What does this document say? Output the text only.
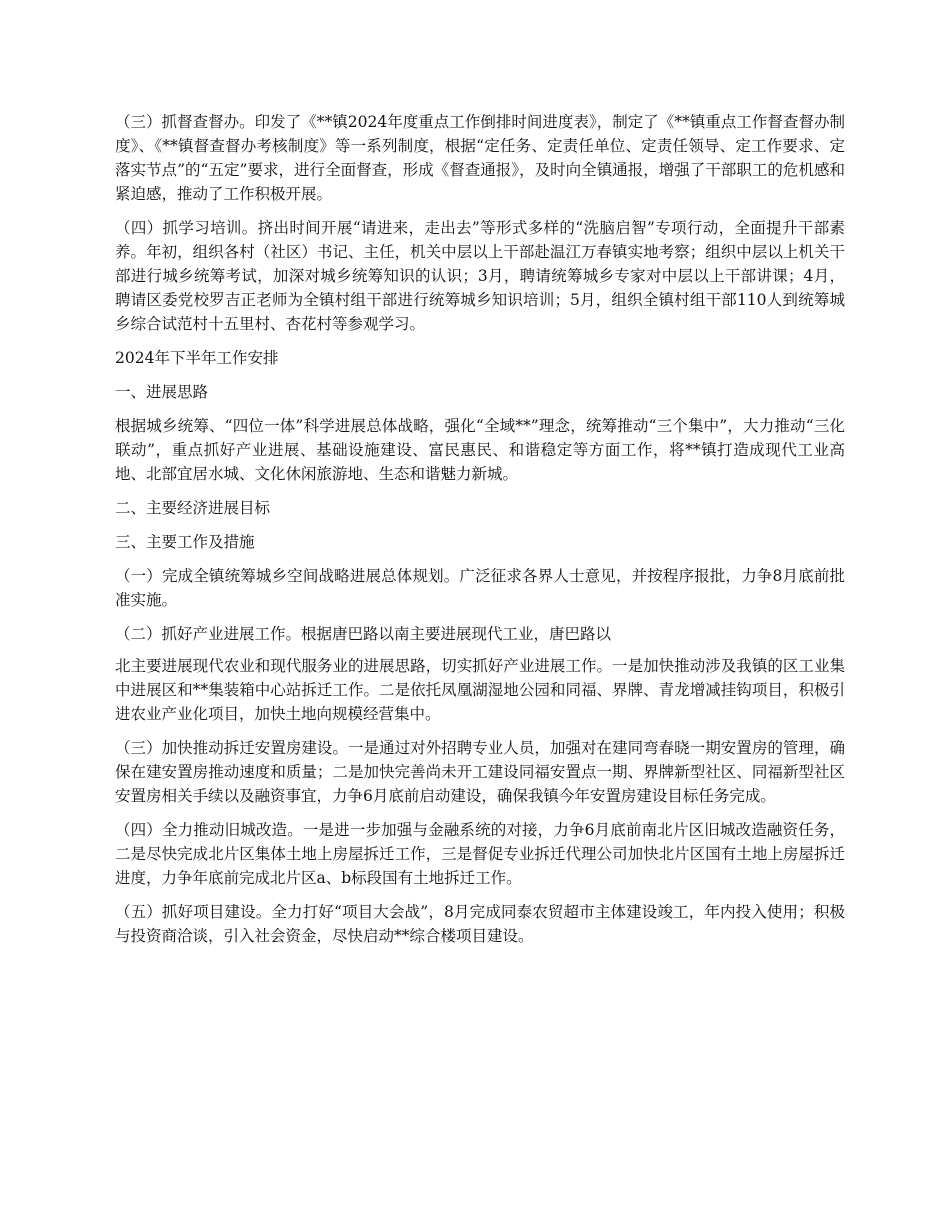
（三）抓督查督办。印发了《**镇2024年度重点工作倒排时间进度表》，制定了《**镇重点工作督查督办制度》、《**镇督查督办考核制度》等一系列制度，根据“定任务、定责任单位、定责任领导、定工作要求、定落实节点”的“五定”要求，进行全面督查，形成《督查通报》，及时向全镇通报，增强了干部职工的危机感和紧迫感，推动了工作积极开展。

（四）抓学习培训。挤出时间开展“请进来，走出去”等形式多样的“洗脑启智”专项行动，全面提升干部素养。年初，组织各村（社区）书记、主任，机关中层以上干部赴温江万春镇实地考察；组织中层以上机关干部进行城乡统筹考试，加深对城乡统筹知识的认识；3月，聘请统筹城乡专家对中层以上干部讲课；4月，聘请区委党校罗吉正老师为全镇村组干部进行统筹城乡知识培训；5月，组织全镇村组干部110人到统筹城乡综合试范村十五里村、杏花村等参观学习。

2024年下半年工作安排

一、进展思路

根据城乡统筹、“四位一体”科学进展总体战略，强化“全域**”理念，统筹推动“三个集中”，大力推动“三化联动”，重点抓好产业进展、基础设施建设、富民惠民、和谐稳定等方面工作，将**镇打造成现代工业高地、北部宜居水城、文化休闲旅游地、生态和谐魅力新城。

二、主要经济进展目标

三、主要工作及措施

（一）完成全镇统筹城乡空间战略进展总体规划。广泛征求各界人士意见，并按程序报批，力争8月底前批准实施。

（二）抓好产业进展工作。根据唐巴路以南主要进展现代工业，唐巴路以

北主要进展现代农业和现代服务业的进展思路，切实抓好产业进展工作。一是加快推动涉及我镇的区工业集中进展区和**集装箱中心站拆迁工作。二是依托凤凰湖湿地公园和同福、界牌、青龙增减挂钩项目，积极引进农业产业化项目，加快土地向规模经营集中。

（三）加快推动拆迁安置房建设。一是通过对外招聘专业人员，加强对在建同弯春晓一期安置房的管理，确保在建安置房推动速度和质量；二是加快完善尚未开工建设同福安置点一期、界牌新型社区、同福新型社区安置房相关手续以及融资事宜，力争6月底前启动建设，确保我镇今年安置房建设目标任务完成。

（四）全力推动旧城改造。一是进一步加强与金融系统的对接，力争6月底前南北片区旧城改造融资任务，二是尽快完成北片区集体土地上房屋拆迁工作，三是督促专业拆迁代理公司加快北片区国有土地上房屋拆迁进度，力争年底前完成北片区a、b标段国有土地拆迁工作。

（五）抓好项目建设。全力打好“项目大会战”，8月完成同泰农贸超市主体建设竣工，年内投入使用；积极与投资商洽谈，引入社会资金，尽快启动**综合楼项目建设。
